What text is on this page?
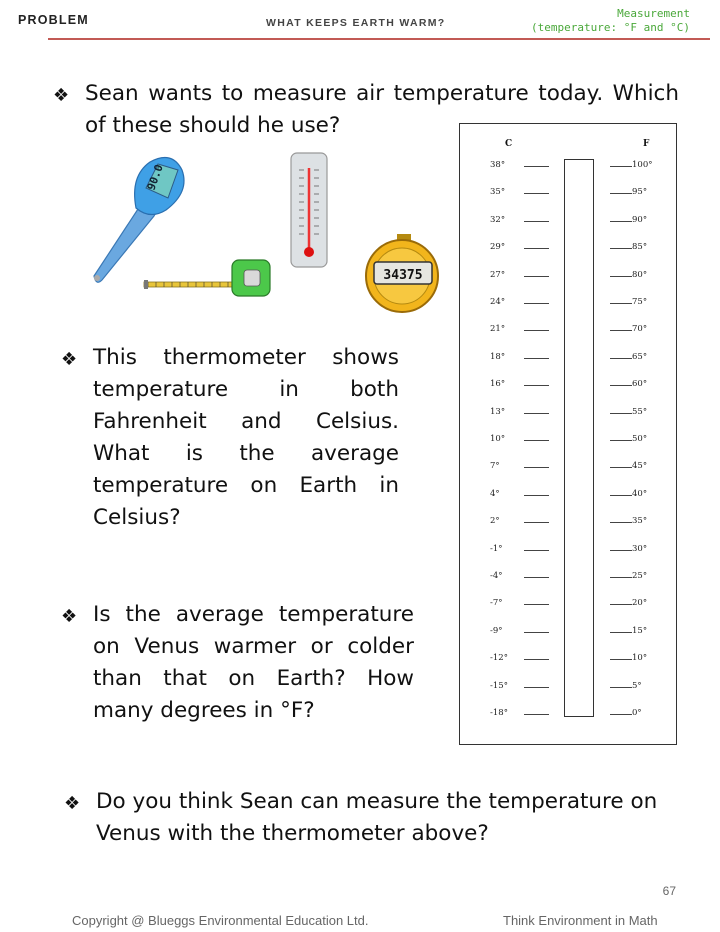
PROBLEM	WHAT KEEPS EARTH WARM?
Measurement
(temperature: °F and °C)
❖ Sean wants to measure air temperature today. Which of these should he use?
90.0
34375
❖ This thermometer shows temperature in both Fahrenheit and Celsius. What is the average temperature on Earth in Celsius?
❖ Is the average temperature on Venus warmer or colder than that on Earth? How many degrees in °F?
C	F
38°	100°
35°	95°
32°	90°
29°	85°
27°	80°
24°	75°
21°	70°
18°	65°
16°	60°
13°	55°
10°	50°
7°	45°
4°	40°
2°	35°
-1°	30°
-4°	25°
-7°	20°
-9°	15°
-12°	10°
-15°	5°
-18°	0°
❖ Do you think Sean can measure the temperature on Venus with the thermometer above?
67
Copyright @ Blueggs Environmental Education Ltd.	Think Environment in Math
